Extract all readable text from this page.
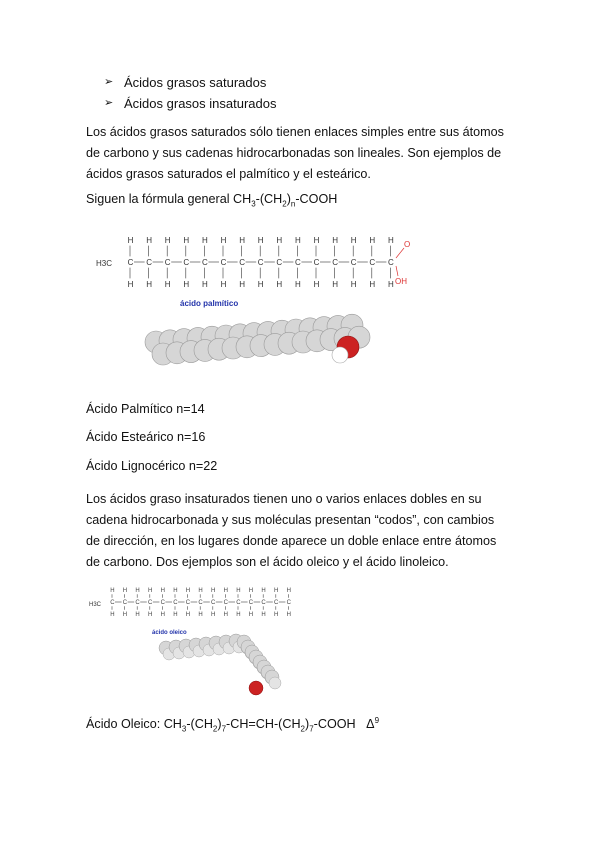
➢ Ácidos grasos saturados
➢ Ácidos grasos insaturados
Los ácidos grasos saturados sólo tienen enlaces simples entre sus átomos
de carbono y sus cadenas hidrocarbonadas son lineales. Son ejemplos de
ácidos grasos saturados el palmítico y el esteárico.
Siguen la fórmula general $CH_3-(CH_2)_n$-COOH
C
H
H
C
H
H
C
H
H
C
H
H
C
H
H
C
H
H
C
H
H
C
H
H
C
H
H
C
H
H
C
H
H
C
H
H
C
H
H
C
H
H
C
H
H
H3C
O
OH
ácido palmítico
Ácido Palmítico n=14
Ácido Esteárico n=16
Ácido Lignocérico n=22
Los ácidos graso insaturados tienen uno o varios enlaces dobles en su
cadena hidrocarbonada y sus moléculas presentan “codos”, con cambios
de dirección, en los lugares donde aparece un doble enlace entre átomos
de carbono. Dos ejemplos son el ácido oleico y el ácido linoleico.
C
H
H
C
H
H
C
H
H
C
H
H
C
H
H
C
H
H
C
H
H
C
H
H
C
H
H
C
H
H
C
H
H
C
H
H
C
H
H
C
H
H
C
H
H
H3C
ácido oleico
Ácido Oleico: $CH_3-(CH_2)_7-CH=CH-(CH_2)_7$-COOH $\Delta^9$
